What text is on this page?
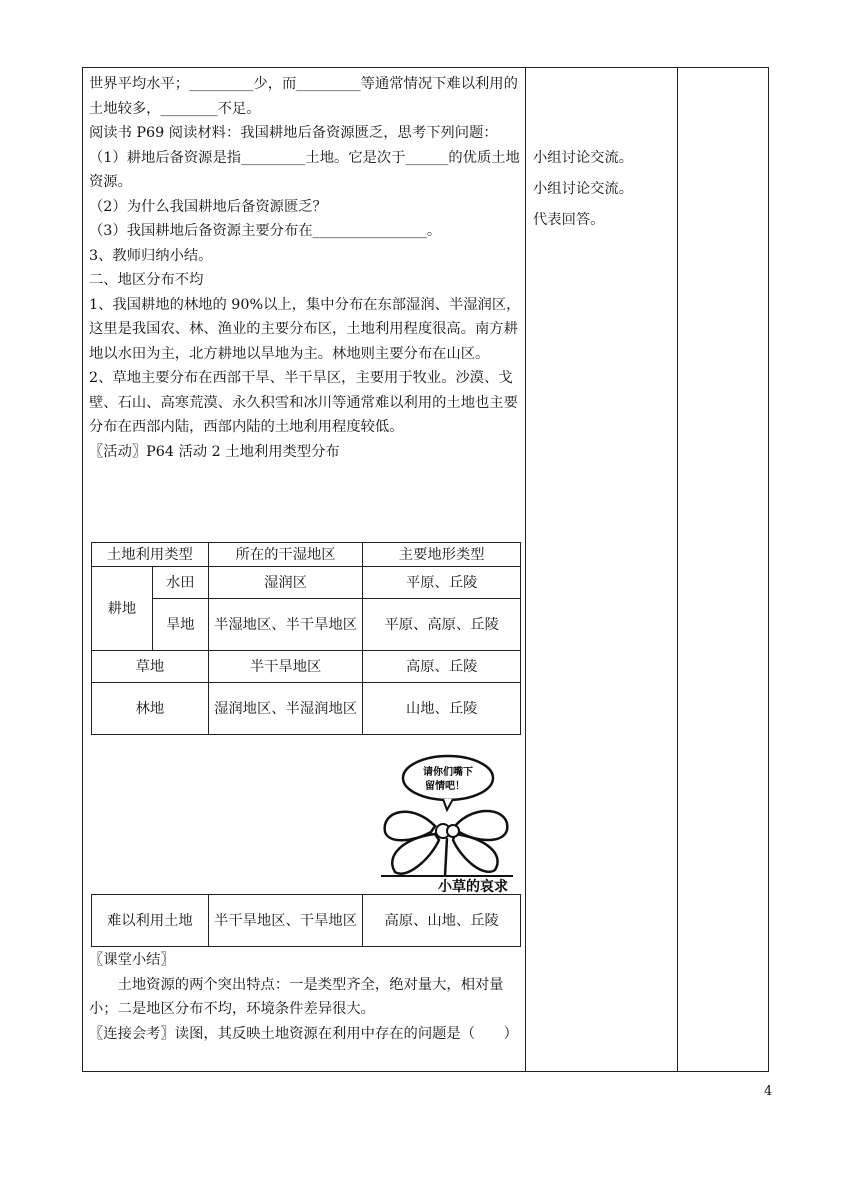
世界平均水平；_________少，而_________等通常情况下难以利用的土地较多，________不足。

阅读书 P69 阅读材料：我国耕地后备资源匮乏，思考下列问题：

（1）耕地后备资源是指_________土地。它是次于______的优质土地资源。

（2）为什么我国耕地后备资源匮乏？

（3）我国耕地后备资源主要分布在________________。

3、教师归纳小结。

二、地区分布不均

1、我国耕地的林地的 90%以上，集中分布在东部湿润、半湿润区，这里是我国农、林、渔业的主要分布区，土地利用程度很高。南方耕地以水田为主，北方耕地以旱地为主。林地则主要分布在山区。

2、草地主要分布在西部干旱、半干旱区，主要用于牧业。沙漠、戈壁、石山、高寒荒漠、永久积雪和冰川等通常难以利用的土地也主要分布在西部内陆，西部内陆的土地利用程度较低。

〖活动〗P64 活动 2 土地利用类型分布

土地利用类型		所在的干湿地区	主要地形类型
耕地	水田	湿润区	平原、丘陵
	旱地	半湿地区、半干旱地区	平原、高原、丘陵
草地		半干旱地区	高原、丘陵
林地		湿润地区、半湿润地区	山地、丘陵
请你们嘴下
留情吧！
小草的哀求
难以利用土地	半干旱地区、干旱地区	高原、山地、丘陵

〖课堂小结〗

土地资源的两个突出特点：一是类型齐全，绝对量大，相对量小；二是地区分布不均，环境条件差异很大。

〖连接会考〗读图，其反映土地资源在利用中存在的问题是（　　）

小组讨论交流。

小组讨论交流。

代表回答。

4
